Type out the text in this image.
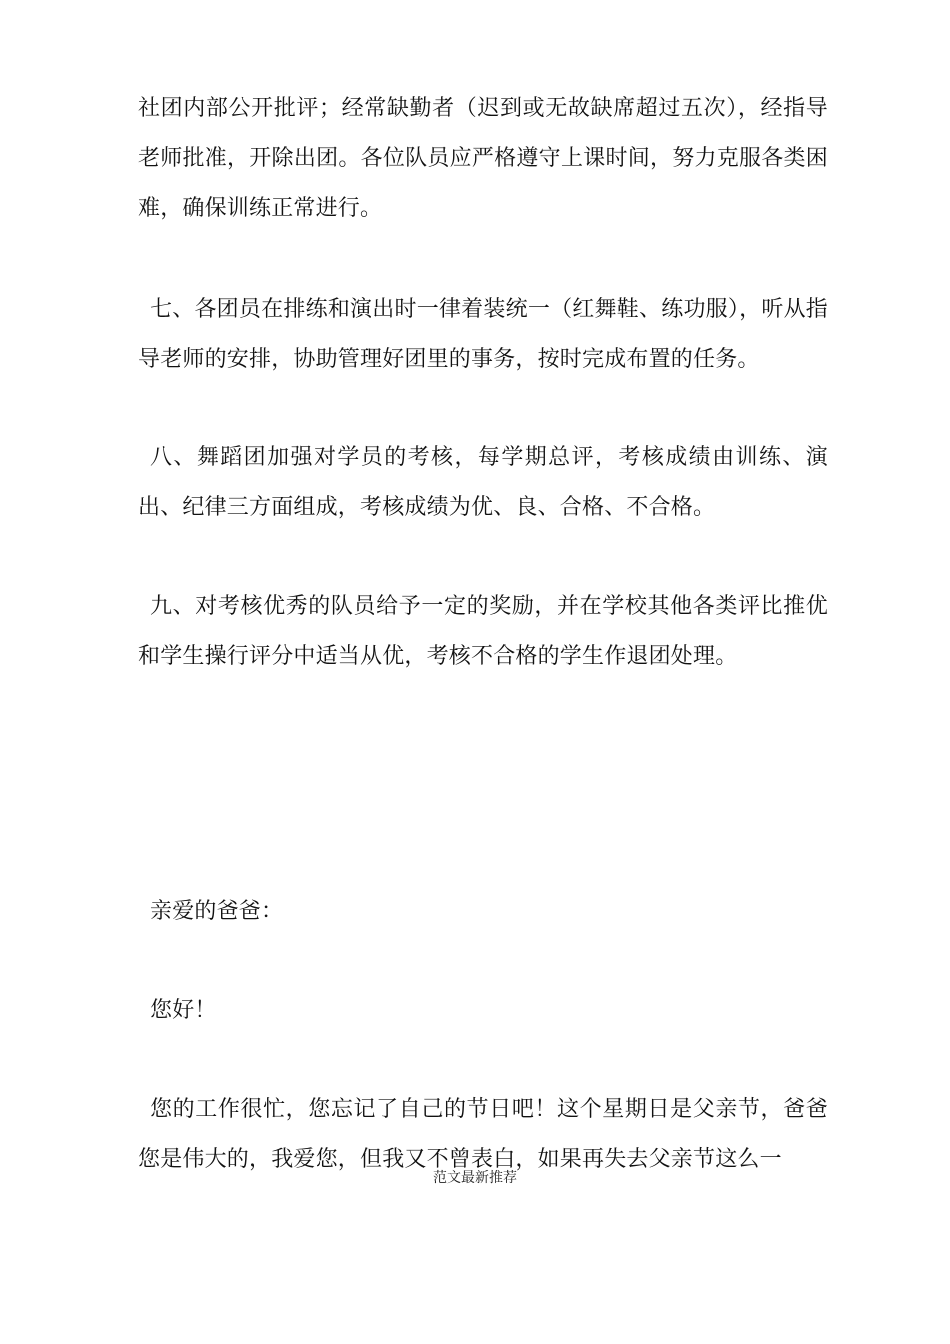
社团内部公开批评；经常缺勤者（迟到或无故缺席超过五次），经指导老师批准，开除出团。各位队员应严格遵守上课时间，努力克服各类困难，确保训练正常进行。

七、各团员在排练和演出时一律着装统一（红舞鞋、练功服），听从指导老师的安排，协助管理好团里的事务，按时完成布置的任务。

八、舞蹈团加强对学员的考核，每学期总评，考核成绩由训练、演出、纪律三方面组成，考核成绩为优、良、合格、不合格。

九、对考核优秀的队员给予一定的奖励，并在学校其他各类评比推优和学生操行评分中适当从优，考核不合格的学生作退团处理。

亲爱的爸爸：

您好！

您的工作很忙，您忘记了自己的节日吧！这个星期日是父亲节，爸爸您是伟大的，我爱您，但我又不曾表白，如果再失去父亲节这么一

范文最新推荐
